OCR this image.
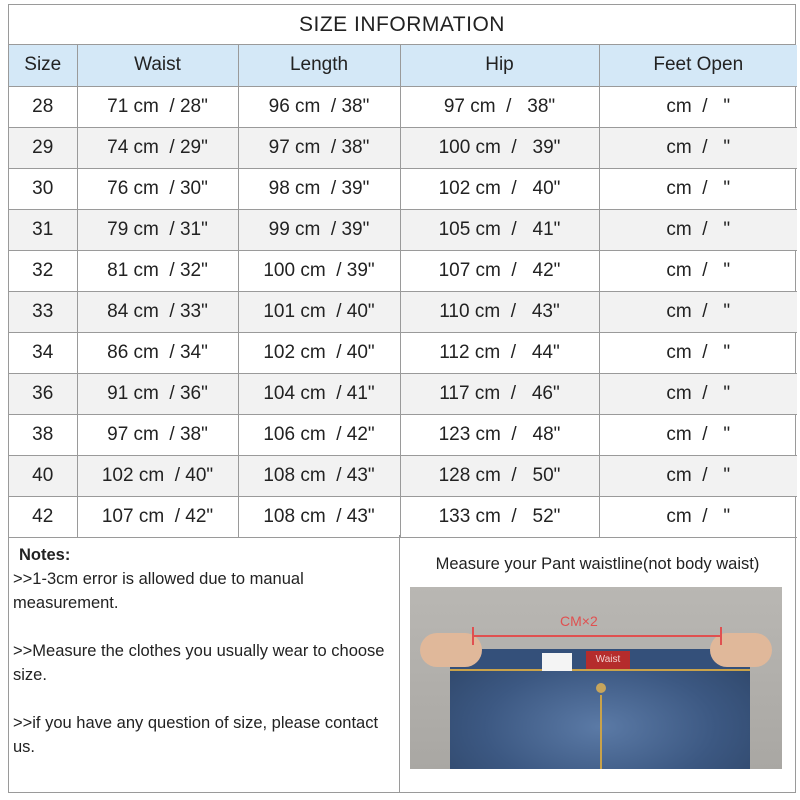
SIZE INFORMATION
Size	Waist	Length	Hip	Feet Open
28	71 cm  / 28"	96 cm  / 38"	97 cm  /   38"	cm  /   "
29	74 cm  / 29"	97 cm  / 38"	100 cm  /   39"	cm  /   "
30	76 cm  / 30"	98 cm  / 39"	102 cm  /   40"	cm  /   "
31	79 cm  / 31"	99 cm  / 39"	105 cm  /   41"	cm  /   "
32	81 cm  / 32"	100 cm  / 39"	107 cm  /   42"	cm  /   "
33	84 cm  / 33"	101 cm  / 40"	110 cm  /   43"	cm  /   "
34	86 cm  / 34"	102 cm  / 40"	112 cm  /   44"	cm  /   "
36	91 cm  / 36"	104 cm  / 41"	117 cm  /   46"	cm  /   "
38	97 cm  / 38"	106 cm  / 42"	123 cm  /   48"	cm  /   "
40	102 cm  / 40"	108 cm  / 43"	128 cm  /   50"	cm  /   "
42	107 cm  / 42"	108 cm  / 43"	133 cm  /   52"	cm  /   "
Notes:

>>1-3cm error is allowed due to manual measurement.

>>Measure the clothes you usually wear to choose size.

>>if you have any question of size, please contact us.

Measure your Pant waistline(not body waist)
Waist
CM×2
